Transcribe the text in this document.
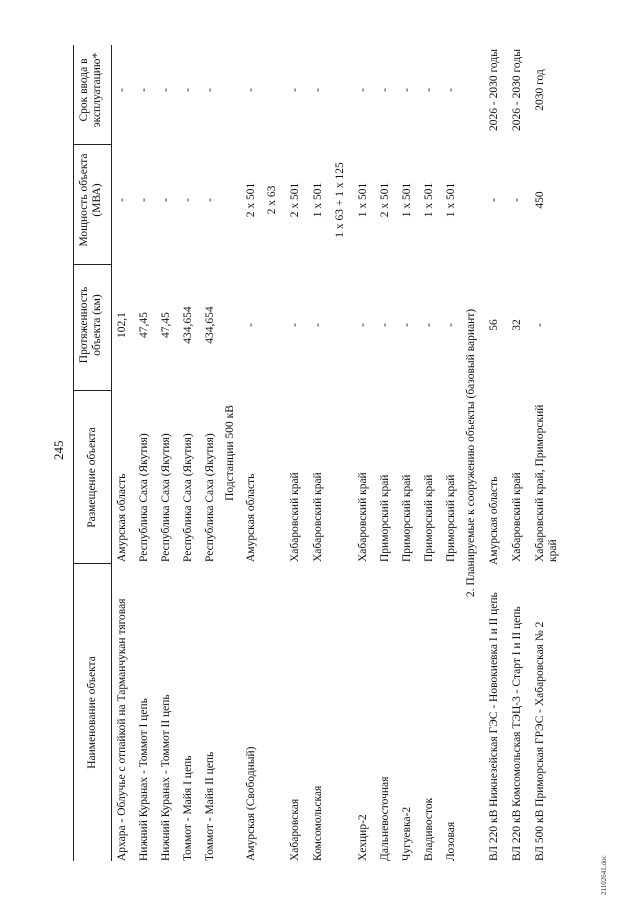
245
Наименование объекта
Размещение объекта
Протяженность объекта (км)
Мощность объекта (МВА)
Срок ввода в эксплуатацию*
Архара - Облучье с отпайкой на Тарманчукан тяговая
Амурская область
102,1
-
-
Нижний Куранах - Томмот I цепь
Республика Саха (Якутия)
47,45
-
-
Нижний Куранах - Томмот II цепь
Республика Саха (Якутия)
47,45
-
-
Томмот - Майя I цепь
Республика Саха (Якутия)
434,654
-
-
Томмот - Майя II цепь
Республика Саха (Якутия)
434,654
-
-
Подстанции 500 кВ
Амурская (Свободный)
Амурская область
-
2 x 501 2 x 63
-
Хабаровская
Хабаровский край
-
2 x 501
-
Комсомольская
Хабаровский край
-
1 x 501 1 x 63 + 1 x 125
-
Хехцир-2
Хабаровский край
-
1 x 501
-
Дальневосточная
Приморский край
-
2 x 501
-
Чугуевка-2
Приморский край
-
1 x 501
-
Владивосток
Приморский край
-
1 x 501
-
Лозовая
Приморский край
-
1 x 501
-
2. Планируемые к сооружению объекты (базовый вариант)
ВЛ 220 кВ Нижнезейская ГЭС - Новокиевка I и II цепь
Амурская область
56
-
2026 - 2030 годы
ВЛ 220 кВ Комсомольская ТЭЦ-3 - Старт I и II цепь
Хабаровский край
32
-
2026 - 2030 годы
ВЛ 500 кВ Приморская ГРЭС - Хабаровская № 2
Хабаровский край, Приморский край
-
450
2030 год
21102641.doc
